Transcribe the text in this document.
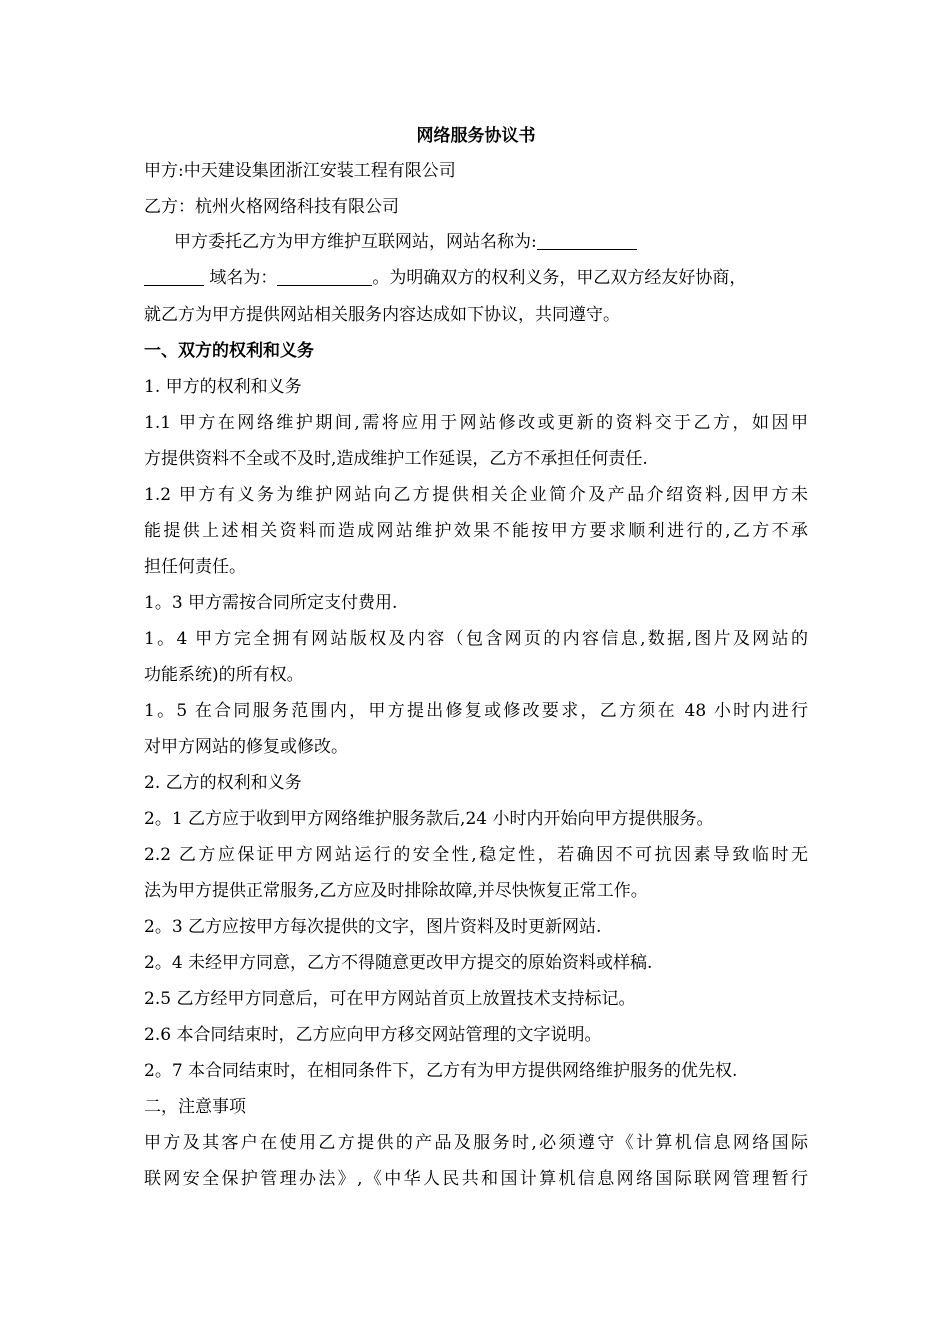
网络服务协议书
甲方:中天建设集团浙江安装工程有限公司
乙方：杭州火格网络科技有限公司
甲方委托乙方为甲方维护互联网站，网站名称为:
域名为：	。为明确双方的权利义务，甲乙双方经友好协商，
就乙方为甲方提供网站相关服务内容达成如下协议，共同遵守。
一、双方的权利和义务
1. 甲方的权利和义务
1.1 甲方在网络维护期间,需将应用于网站修改或更新的资料交于乙方，如因甲
方提供资料不全或不及时,造成维护工作延误，乙方不承担任何责任.
1.2 甲方有义务为维护网站向乙方提供相关企业简介及产品介绍资料,因甲方未
能提供上述相关资料而造成网站维护效果不能按甲方要求顺利进行的,乙方不承
担任何责任。
1。3 甲方需按合同所定支付费用.
1。4 甲方完全拥有网站版权及内容（包含网页的内容信息,数据,图片及网站的
功能系统)的所有权。
1。5 在合同服务范围内，甲方提出修复或修改要求，乙方须在 48 小时内进行
对甲方网站的修复或修改。
2. 乙方的权利和义务
2。1 乙方应于收到甲方网络维护服务款后,24 小时内开始向甲方提供服务。
2.2 乙方应保证甲方网站运行的安全性,稳定性，若确因不可抗因素导致临时无
法为甲方提供正常服务,乙方应及时排除故障,并尽快恢复正常工作。
2。3 乙方应按甲方每次提供的文字，图片资料及时更新网站.
2。4 未经甲方同意，乙方不得随意更改甲方提交的原始资料或样稿.
2.5 乙方经甲方同意后，可在甲方网站首页上放置技术支持标记。
2.6 本合同结束时，乙方应向甲方移交网站管理的文字说明。
2。7 本合同结束时，在相同条件下，乙方有为甲方提供网络维护服务的优先权.
二，注意事项
甲方及其客户在使用乙方提供的产品及服务时,必须遵守《计算机信息网络国际
联网安全保护管理办法》,《中华人民共和国计算机信息网络国际联网管理暂行
